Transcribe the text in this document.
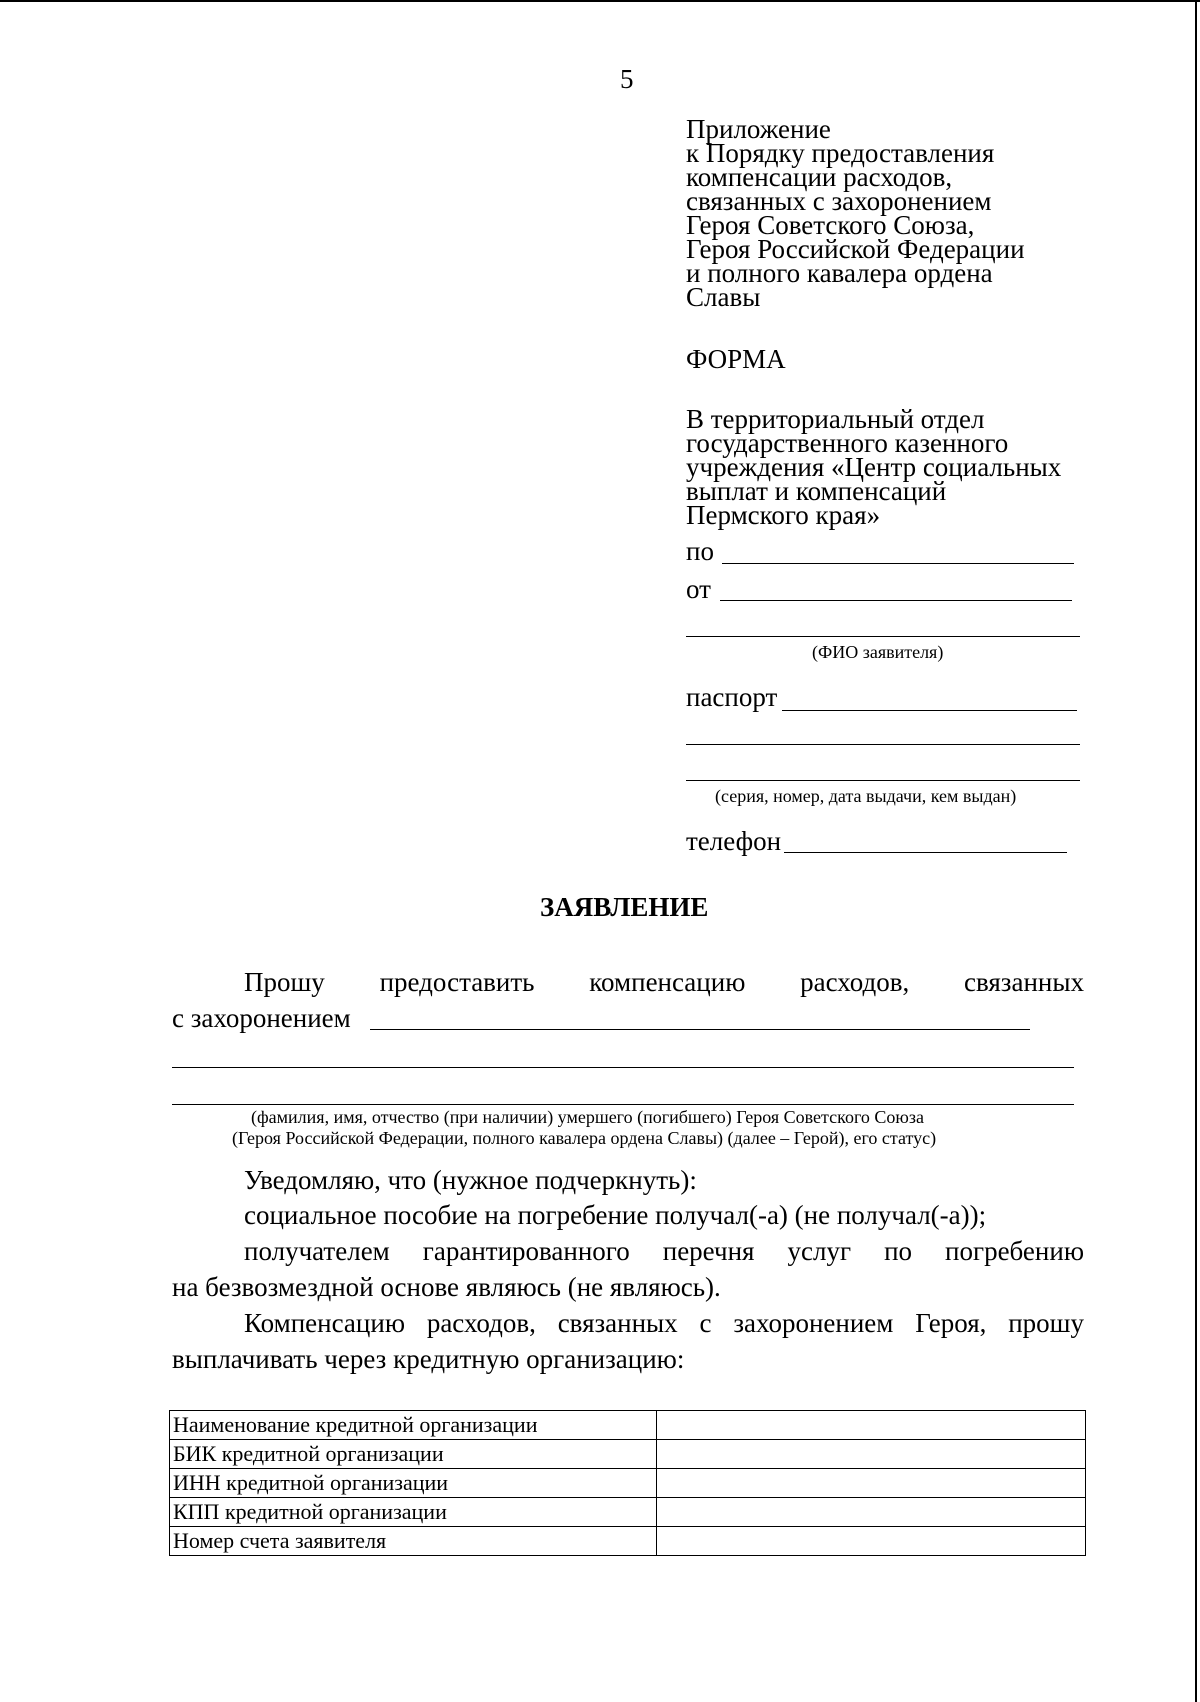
5
Приложение
к Порядку предоставления
компенсации расходов,
связанных с захоронением
Героя Советского Союза,
Героя Российской Федерации
и полного кавалера ордена
Славы
ФОРМА
В территориальный отдел
государственного казенного
учреждения «Центр социальных
выплат и компенсаций
Пермского края»
по
от
(ФИО заявителя)
паспорт
(серия, номер, дата выдачи, кем выдан)
телефон
ЗАЯВЛЕНИЕ
Прошу предоставить компенсацию расходов, связанных
с захоронением
(фамилия, имя, отчество (при наличии) умершего (погибшего) Героя Советского Союза
(Героя Российской Федерации, полного кавалера ордена Славы) (далее – Герой), его статус)
Уведомляю, что (нужное подчеркнуть):
социальное пособие на погребение получал(-а) (не получал(-а));
получателем гарантированного перечня услуг по погребению
на безвозмездной основе являюсь (не являюсь).
Компенсацию расходов, связанных с захоронением Героя, прошу
выплачивать через кредитную организацию:
Наименование кредитной организации	
БИК кредитной организации	
ИНН кредитной организации	
КПП кредитной организации	
Номер счета заявителя	
